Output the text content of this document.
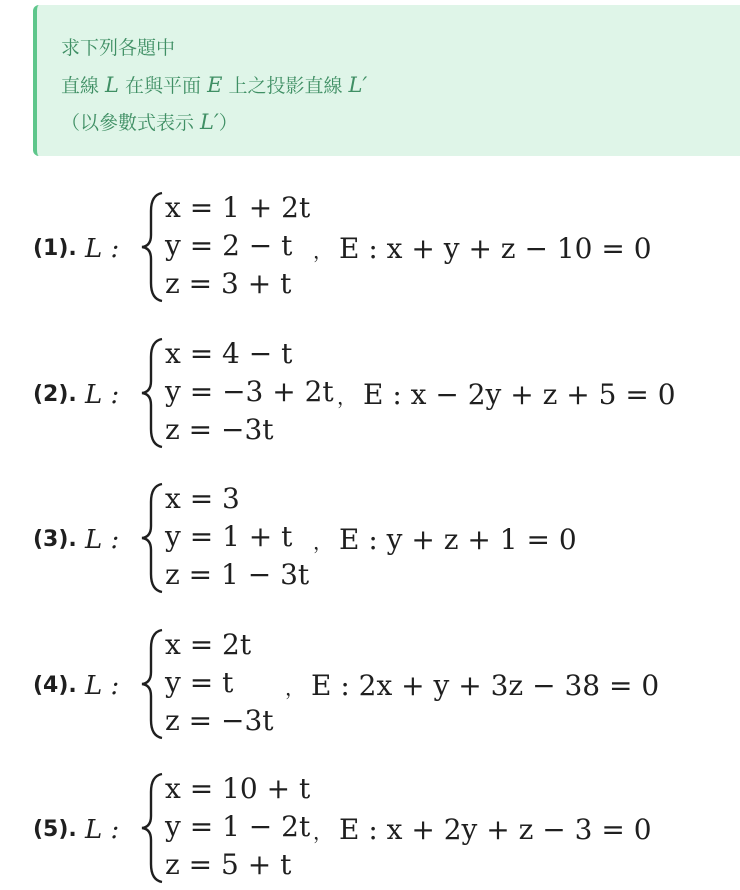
求下列各題中
直線 L 在與平面 E 上之投影直線 L′
（以參數式表示 L′）
(1). L :
x = 1 + 2t
y = 2 − t
z = 3 + t
， E : x + y + z − 10 = 0
(2). L :
x = 4 − t
y = −3 + 2t
z = −3t
， E : x − 2y + z + 5 = 0
(3). L :
x = 3
y = 1 + t
z = 1 − 3t
， E : y + z + 1 = 0
(4). L :
x = 2t
y = t
z = −3t
， E : 2x + y + 3z − 38 = 0
(5). L :
x = 10 + t
y = 1 − 2t
z = 5 + t
， E : x + 2y + z − 3 = 0
